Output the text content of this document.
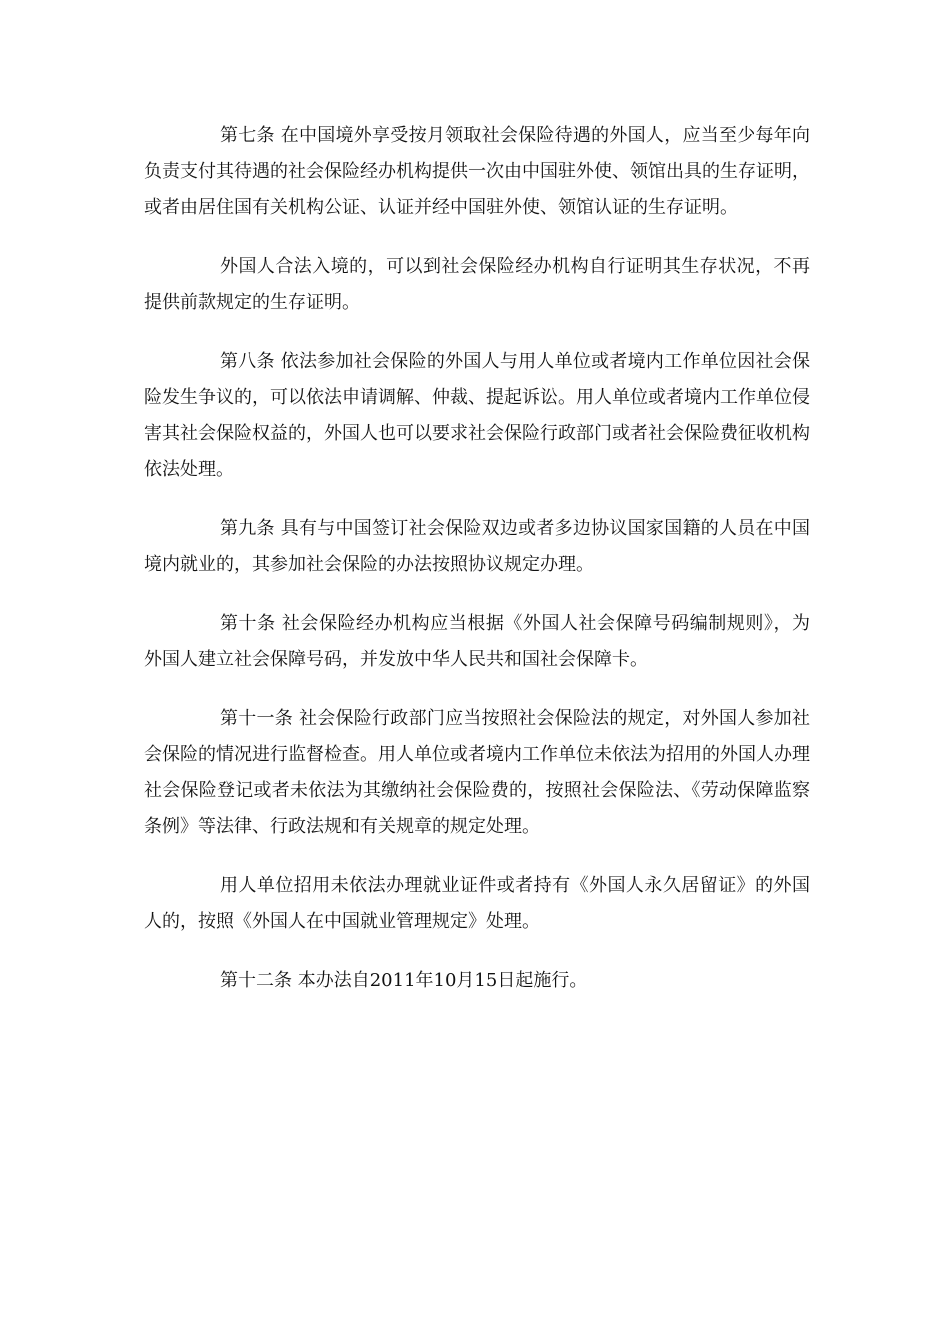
第七条 在中国境外享受按月领取社会保险待遇的外国人，应当至少每年向负责支付其待遇的社会保险经办机构提供一次由中国驻外使、领馆出具的生存证明，或者由居住国有关机构公证、认证并经中国驻外使、领馆认证的生存证明。

外国人合法入境的，可以到社会保险经办机构自行证明其生存状况，不再提供前款规定的生存证明。

第八条 依法参加社会保险的外国人与用人单位或者境内工作单位因社会保险发生争议的，可以依法申请调解、仲裁、提起诉讼。用人单位或者境内工作单位侵害其社会保险权益的，外国人也可以要求社会保险行政部门或者社会保险费征收机构依法处理。

第九条 具有与中国签订社会保险双边或者多边协议国家国籍的人员在中国境内就业的，其参加社会保险的办法按照协议规定办理。

第十条 社会保险经办机构应当根据《外国人社会保障号码编制规则》，为外国人建立社会保障号码，并发放中华人民共和国社会保障卡。

第十一条 社会保险行政部门应当按照社会保险法的规定，对外国人参加社会保险的情况进行监督检查。用人单位或者境内工作单位未依法为招用的外国人办理社会保险登记或者未依法为其缴纳社会保险费的，按照社会保险法、《劳动保障监察条例》等法律、行政法规和有关规章的规定处理。

用人单位招用未依法办理就业证件或者持有《外国人永久居留证》的外国人的，按照《外国人在中国就业管理规定》处理。

第十二条 本办法自2011年10月15日起施行。
